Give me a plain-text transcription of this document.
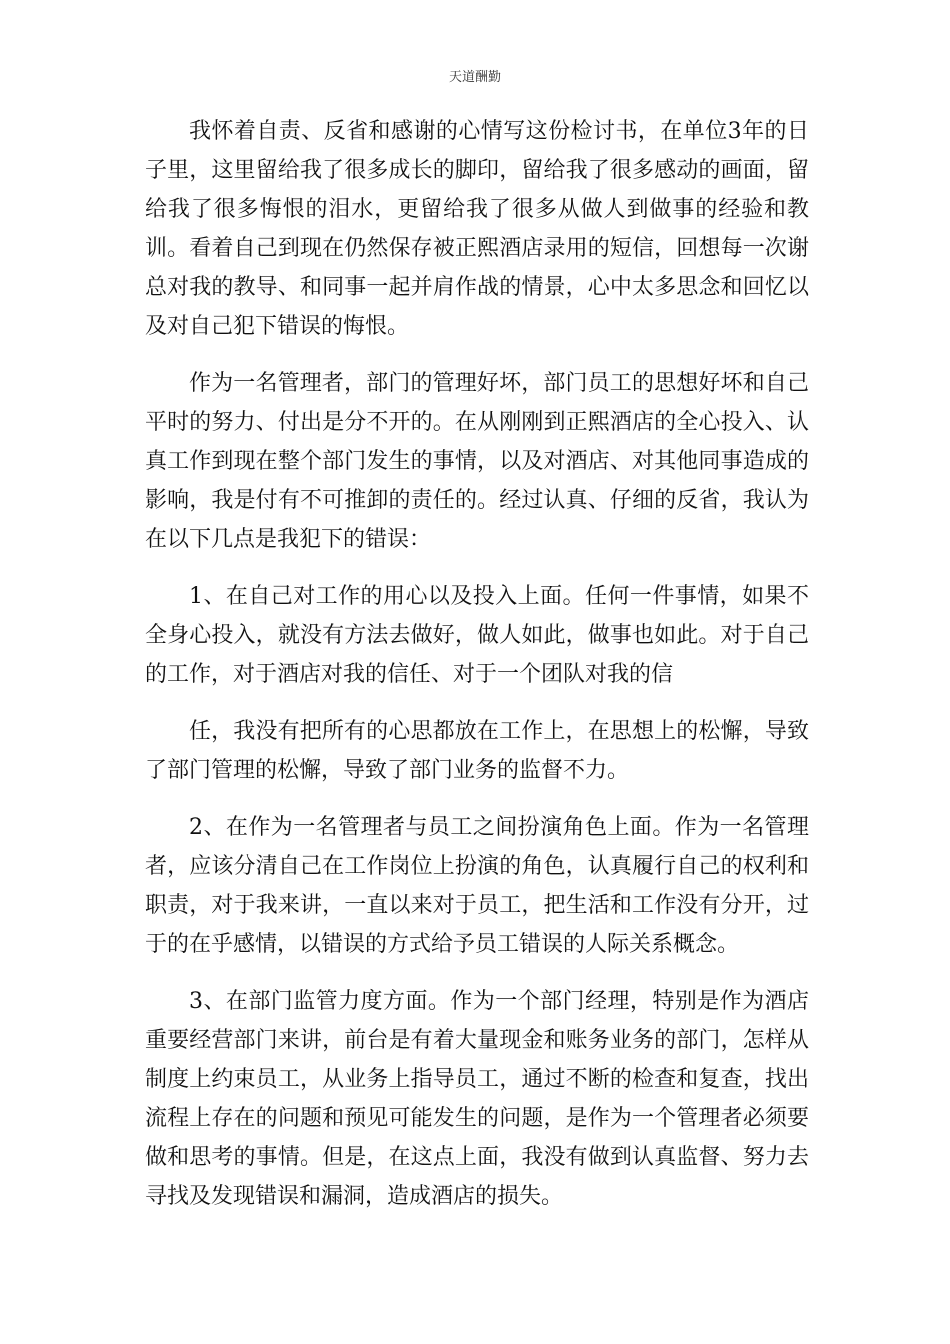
天道酬勤

我怀着自责、反省和感谢的心情写这份检讨书，在单位3年的日子里，这里留给我了很多成长的脚印，留给我了很多感动的画面，留给我了很多悔恨的泪水，更留给我了很多从做人到做事的经验和教训。看着自己到现在仍然保存被正熙酒店录用的短信，回想每一次谢总对我的教导、和同事一起并肩作战的情景，心中太多思念和回忆以及对自己犯下错误的悔恨。

作为一名管理者，部门的管理好坏，部门员工的思想好坏和自己平时的努力、付出是分不开的。在从刚刚到正熙酒店的全心投入、认真工作到现在整个部门发生的事情，以及对酒店、对其他同事造成的影响，我是付有不可推卸的责任的。经过认真、仔细的反省，我认为在以下几点是我犯下的错误：

1、在自己对工作的用心以及投入上面。任何一件事情，如果不全身心投入，就没有方法去做好，做人如此，做事也如此。对于自己的工作，对于酒店对我的信任、对于一个团队对我的信

任，我没有把所有的心思都放在工作上，在思想上的松懈，导致了部门管理的松懈，导致了部门业务的监督不力。

2、在作为一名管理者与员工之间扮演角色上面。作为一名管理者，应该分清自己在工作岗位上扮演的角色，认真履行自己的权利和职责，对于我来讲，一直以来对于员工，把生活和工作没有分开，过于的在乎感情，以错误的方式给予员工错误的人际关系概念。

3、在部门监管力度方面。作为一个部门经理，特别是作为酒店重要经营部门来讲，前台是有着大量现金和账务业务的部门，怎样从制度上约束员工，从业务上指导员工，通过不断的检查和复查，找出流程上存在的问题和预见可能发生的问题，是作为一个管理者必须要做和思考的事情。但是，在这点上面，我没有做到认真监督、努力去寻找及发现错误和漏洞，造成酒店的损失。
